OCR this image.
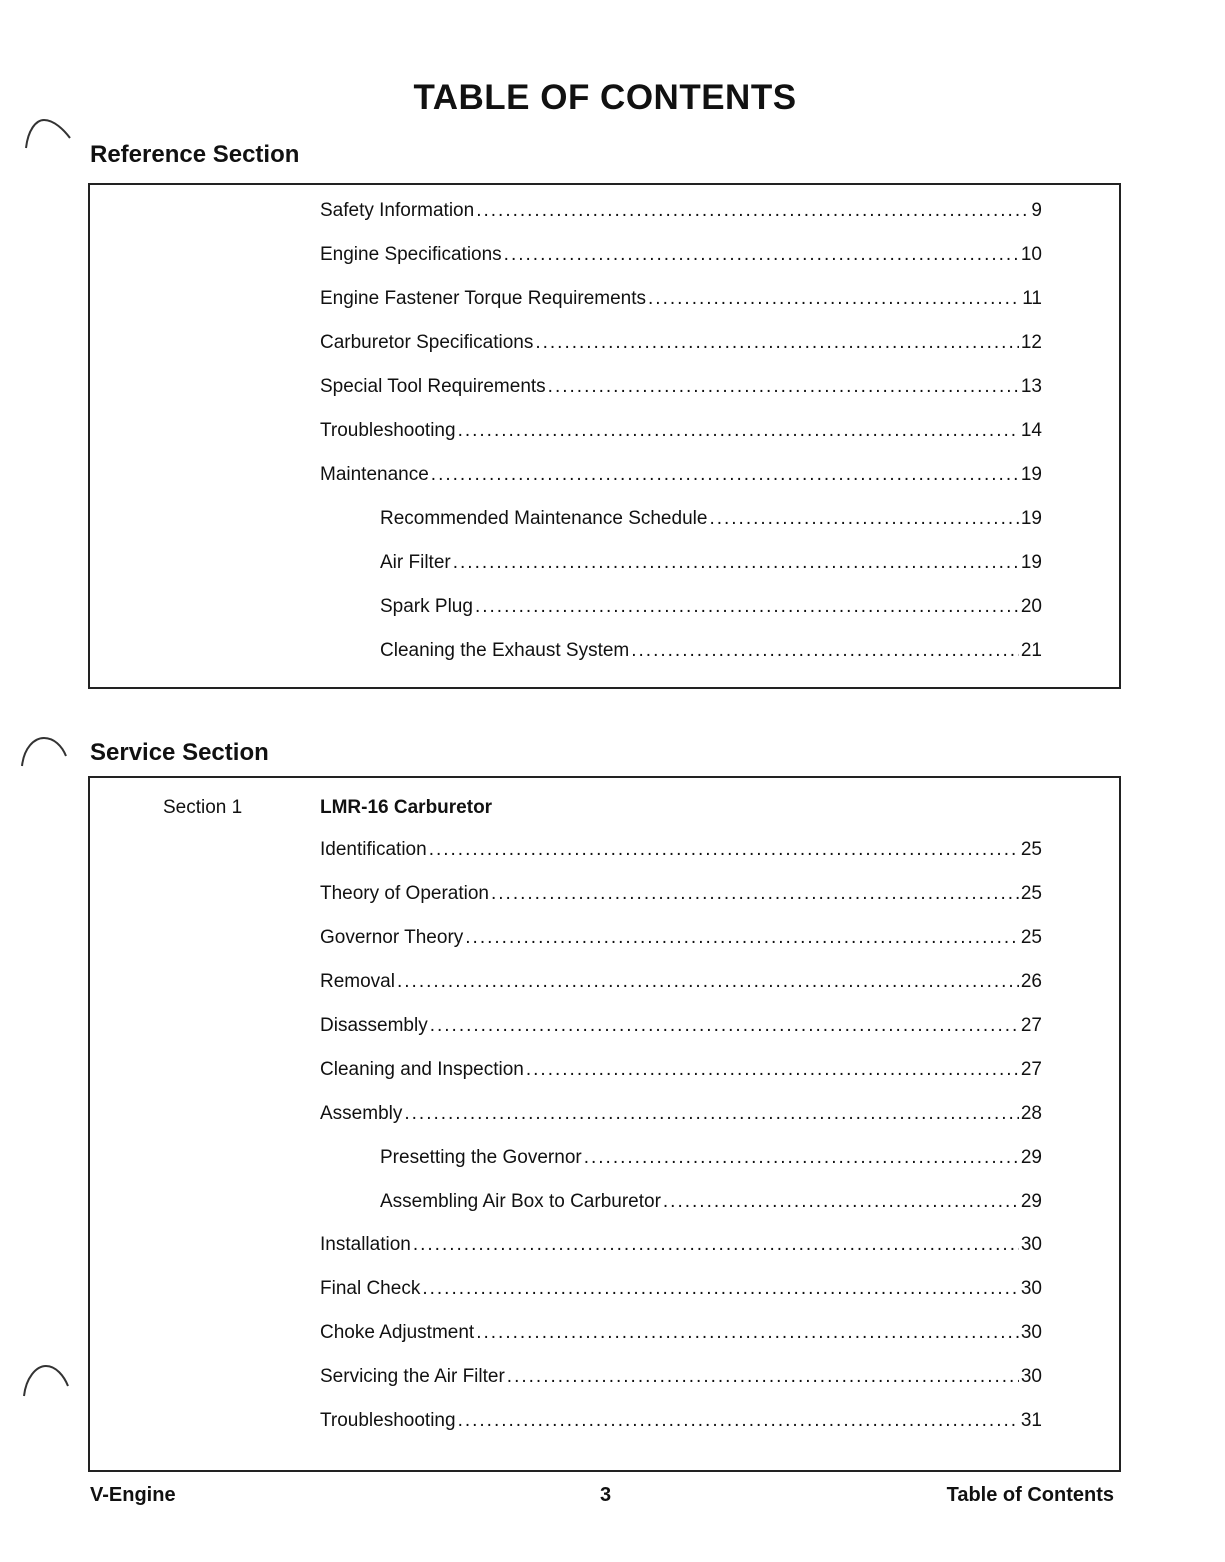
TABLE OF CONTENTS
Reference Section
Safety Information .....	9
Engine Specifications .....	10
Engine Fastener Torque Requirements .....	11
Carburetor Specifications .....	12
Special Tool Requirements .....	13
Troubleshooting .....	14
Maintenance .....	19
Recommended Maintenance Schedule .....	19
Air Filter .....	19
Spark Plug .....	20
Cleaning the Exhaust System .....	21
Service Section
Section 1	LMR-16 Carburetor
Identification .....	25
Theory of Operation .....	25
Governor Theory .....	25
Removal .....	26
Disassembly .....	27
Cleaning and Inspection .....	27
Assembly .....	28
Presetting the Governor .....	29
Assembling Air Box to Carburetor .....	29
Installation .....	30
Final Check .....	30
Choke Adjustment .....	30
Servicing the Air Filter .....	30
Troubleshooting .....	31
V-Engine	3	Table of Contents
